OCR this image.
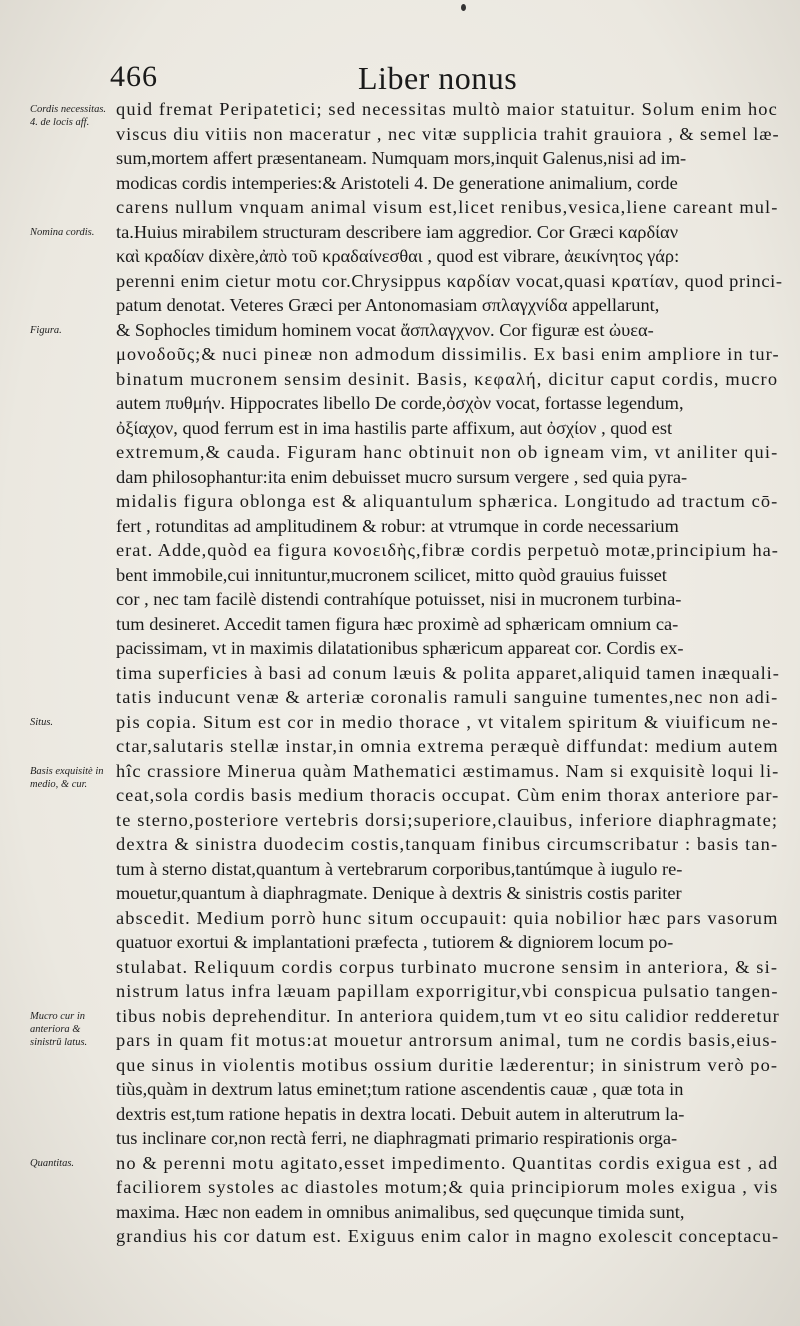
466	Liber nonus
quid fremat Peripatetici; sed necessitas multò maior statuitur. Solum enim hoc
viscus diu vitiis non maceratur , nec vitæ supplicia trahit grauiora , & semel læ-
sum,mortem affert præsentaneam. Numquam mors,inquit Galenus,nisi ad im-
modicas cordis intemperies:& Aristoteli 4. De generatione animalium, corde
carens nullum vnquam animal visum est,licet renibus,vesica,liene careant mul-
ta.Huius mirabilem structuram describere iam aggredior. Cor Græci καρδίαν
καὶ κραδίαν dixère,ἀπὸ τοῦ κραδαίνεσθαι , quod est vibrare, ἀεικίνητος γάρ:
perenni enim cietur motu cor.Chrysippus καρδίαν vocat,quasi κρατίαν, quod princi-
patum denotat. Veteres Græci per Antonomasiam σπλαγχνίδα appellarunt,
& Sophocles timidum hominem vocat ἄσπλαγχνον. Cor figuræ est ὠυεα-
μονοδοῦς;& nuci pineæ non admodum dissimilis. Ex basi enim ampliore in tur-
binatum mucronem sensim desinit. Basis, κεφαλή, dicitur caput cordis, mucro
autem πυθμήν. Hippocrates libello De corde,ὀσχὸν vocat, fortasse legendum,
ὀξίαχον, quod ferrum est in ima hastilis parte affixum, aut ὀσχίον , quod est
extremum,& cauda. Figuram hanc obtinuit non ob igneam vim, vt aniliter qui-
dam philosophantur:ita enim debuisset mucro sursum vergere , sed quia pyra-
midalis figura oblonga est & aliquantulum sphærica. Longitudo ad tractum cō-
fert , rotunditas ad amplitudinem & robur: at vtrumque in corde necessarium
erat. Adde,quòd ea figura κονοειδὴς,fibræ cordis perpetuò motæ,principium ha-
bent immobile,cui innituntur,mucronem scilicet, mitto quòd grauius fuisset
cor , nec tam facilè distendi contrahíque potuisset, nisi in mucronem turbina-
tum desineret. Accedit tamen figura hæc proximè ad sphæricam omnium ca-
pacissimam, vt in maximis dilatationibus sphæricum appareat cor. Cordis ex-
tima superficies à basi ad conum læuis & polita apparet,aliquid tamen inæquali-
tatis inducunt venæ & arteriæ coronalis ramuli sanguine tumentes,nec non adi-
pis copia. Situm est cor in medio thorace , vt vitalem spiritum & viuificum ne-
ctar,salutaris stellæ instar,in omnia extrema peræquè diffundat: medium autem
hîc crassiore Minerua quàm Mathematici æstimamus. Nam si exquisitè loqui li-
ceat,sola cordis basis medium thoracis occupat. Cùm enim thorax anteriore par-
te sterno,posteriore vertebris dorsi;superiore,clauibus, inferiore diaphragmate;
dextra & sinistra duodecim costis,tanquam finibus circumscribatur : basis tan-
tum à sterno distat,quantum à vertebrarum corporibus,tantúmque à iugulo re-
mouetur,quantum à diaphragmate. Denique à dextris & sinistris costis pariter
abscedit. Medium porrò hunc situm occupauit: quia nobilior hæc pars vasorum
quatuor exortui & implantationi præfecta , tutiorem & digniorem locum po-
stulabat. Reliquum cordis corpus turbinato mucrone sensim in anteriora, & si-
nistrum latus infra læuam papillam exporrigitur,vbi conspicua pulsatio tangen-
tibus nobis deprehenditur. In anteriora quidem,tum vt eo situ calidior redderetur
pars in quam fit motus:at mouetur antrorsum animal, tum ne cordis basis,eius-
que sinus in violentis motibus ossium duritie læderentur; in sinistrum verò po-
tiùs,quàm in dextrum latus eminet;tum ratione ascendentis cauæ , quæ tota in
dextris est,tum ratione hepatis in dextra locati. Debuit autem in alterutrum la-
tus inclinare cor,non rectà ferri, ne diaphragmati primario respirationis orga-
no & perenni motu agitato,esset impedimento. Quantitas cordis exigua est , ad
faciliorem systoles ac diastoles motum;& quia principiorum moles exigua , vis
maxima. Hæc non eadem in omnibus animalibus, sed quęcunque timida sunt,
grandius his cor datum est. Exiguus enim calor in magno exolescit conceptacu-
Cordis necessitas. 4. de locis aff.
Nomina cordis.
Figura.
Situs.
Basis exquisitè in medio, & cur.
Mucro cur in anteriora & sinistrū latus.
Quantitas.
